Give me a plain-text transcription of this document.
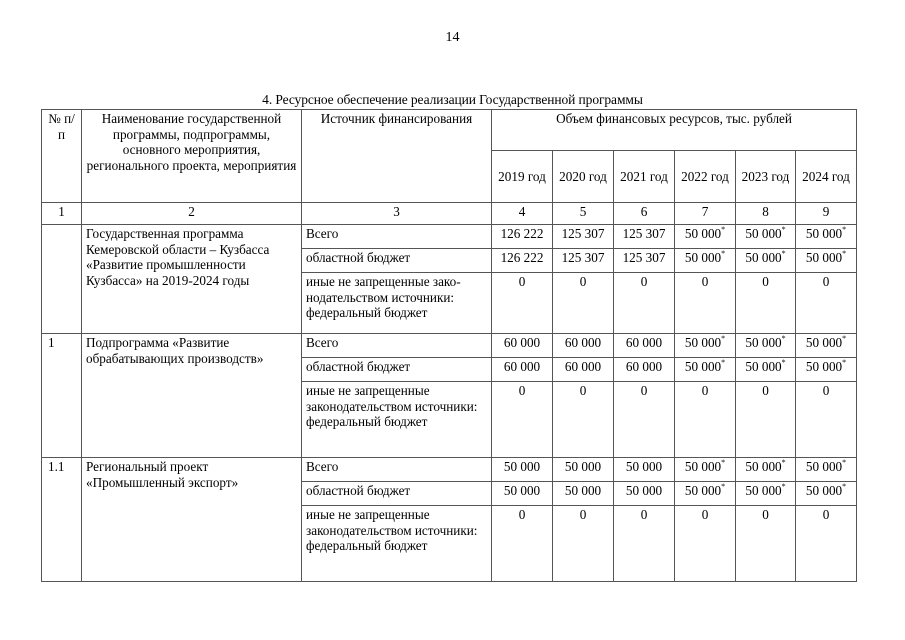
14
4. Ресурсное обеспечение реализации Государственной программы
№ п/п	Наименование государственной программы, подпрограммы, основного мероприятия, регионального проекта, мероприятия	Источник финансирования	Объем финансовых ресурсов, тыс. рублей					
			2019 год	2020 год	2021 год	2022 год	2023 год	2024 год
1	2	3	4	5	6	7	8	9
	Государственная программа Кемеровской области – Кузбасса «Развитие промышленности Кузбасса» на 2019-2024 годы	Всего	126 222	125 307	125 307	50 000*	50 000*	50 000*
		областной бюджет	126 222	125 307	125 307	50 000*	50 000*	50 000*
		иные не запрещенные зако-нодательством источники: федеральный бюджет	0	0	0	0	0	0
1	Подпрограмма «Развитие обрабатывающих производств»	Всего	60 000	60 000	60 000	50 000*	50 000*	50 000*
		областной бюджет	60 000	60 000	60 000	50 000*	50 000*	50 000*
		иные не запрещенные законодательством источники: федеральный бюджет	0	0	0	0	0	0
1.1	Региональный проект «Промышленный экспорт»	Всего	50 000	50 000	50 000	50 000*	50 000*	50 000*
		областной бюджет	50 000	50 000	50 000	50 000*	50 000*	50 000*
		иные не запрещенные законодательством источники: федеральный бюджет	0	0	0	0	0	0
